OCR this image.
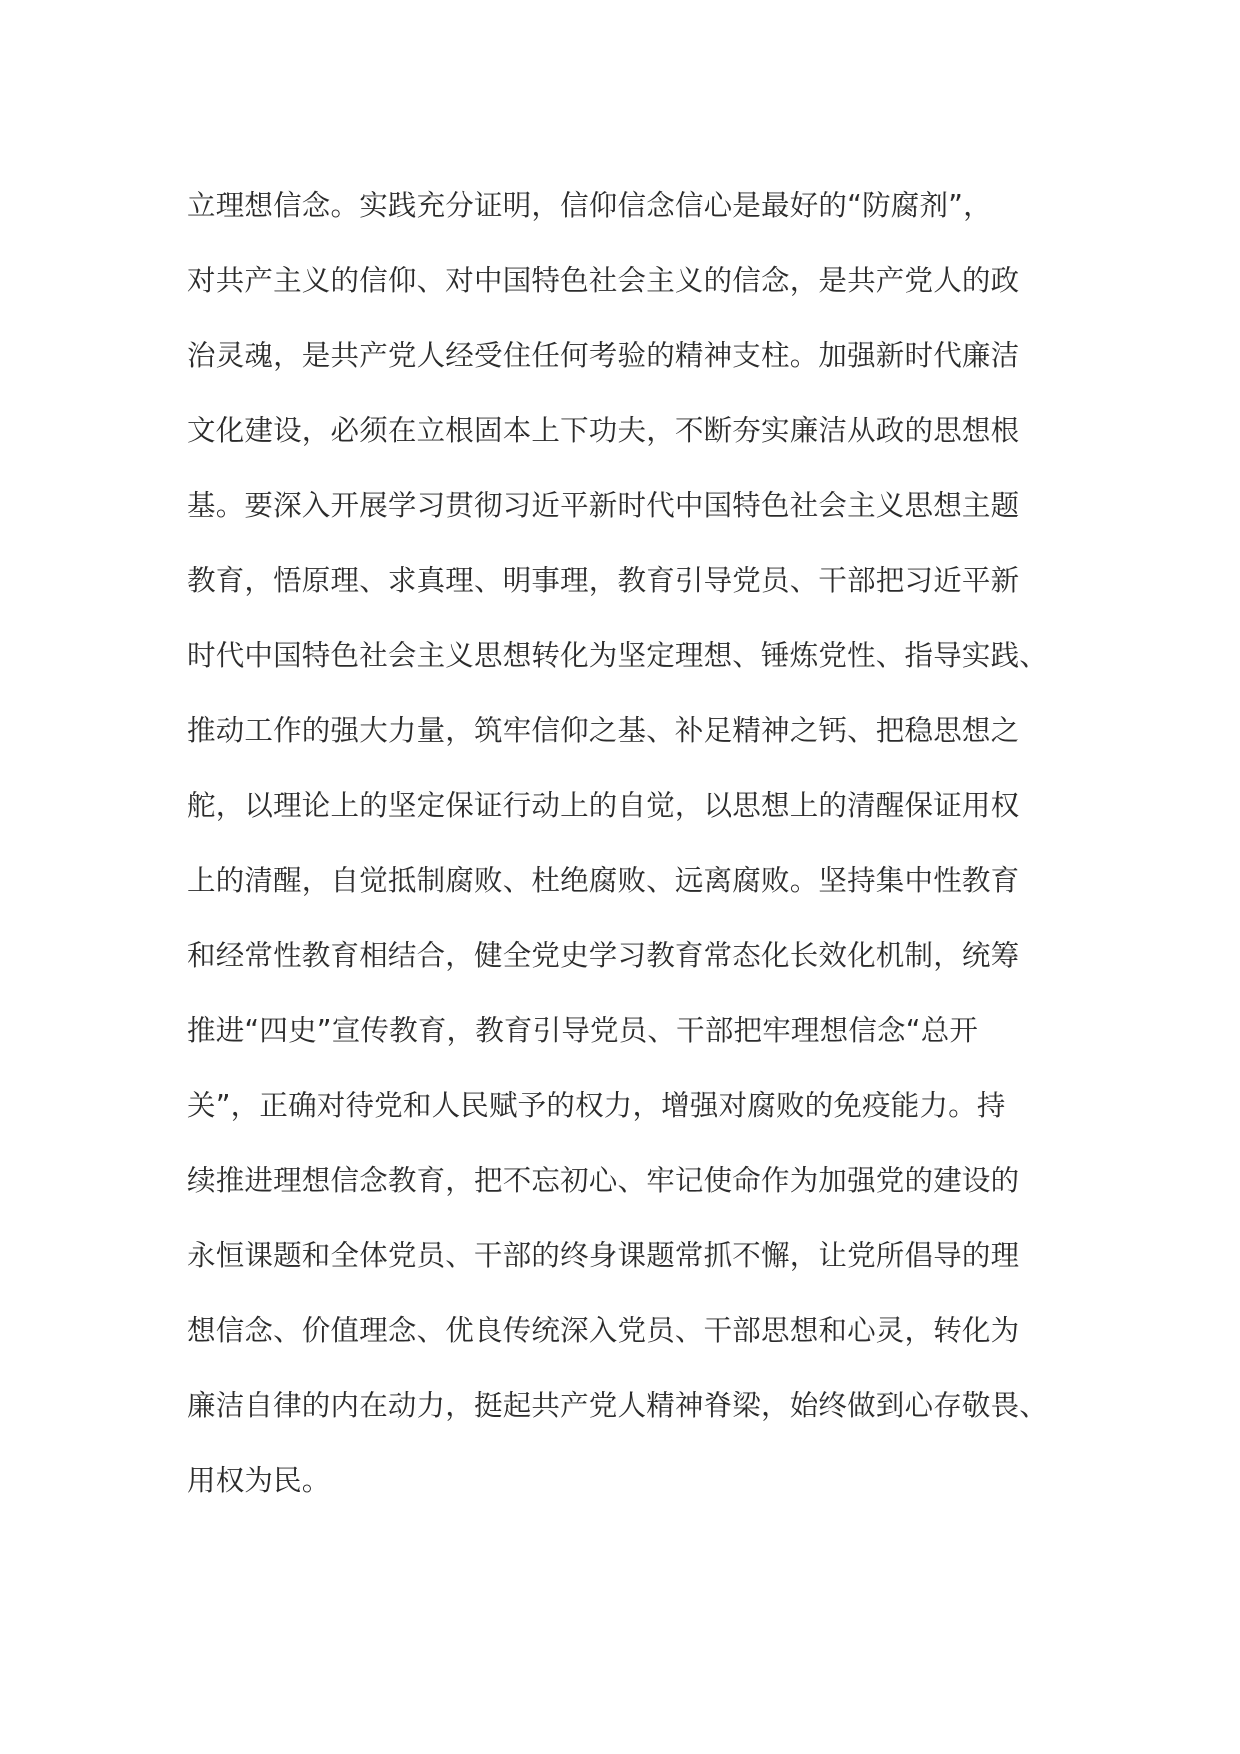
立理想信念。实践充分证明，信仰信念信心是最好的“防腐剂”，
对共产主义的信仰、对中国特色社会主义的信念，是共产党人的政
治灵魂，是共产党人经受住任何考验的精神支柱。加强新时代廉洁
文化建设，必须在立根固本上下功夫，不断夯实廉洁从政的思想根
基。要深入开展学习贯彻习近平新时代中国特色社会主义思想主题
教育，悟原理、求真理、明事理，教育引导党员、干部把习近平新
时代中国特色社会主义思想转化为坚定理想、锤炼党性、指导实践、
推动工作的强大力量，筑牢信仰之基、补足精神之钙、把稳思想之
舵，以理论上的坚定保证行动上的自觉，以思想上的清醒保证用权
上的清醒，自觉抵制腐败、杜绝腐败、远离腐败。坚持集中性教育
和经常性教育相结合，健全党史学习教育常态化长效化机制，统筹
推进“四史”宣传教育，教育引导党员、干部把牢理想信念“总开
关”，正确对待党和人民赋予的权力，增强对腐败的免疫能力。持
续推进理想信念教育，把不忘初心、牢记使命作为加强党的建设的
永恒课题和全体党员、干部的终身课题常抓不懈，让党所倡导的理
想信念、价值理念、优良传统深入党员、干部思想和心灵，转化为
廉洁自律的内在动力，挺起共产党人精神脊梁，始终做到心存敬畏、
用权为民。
